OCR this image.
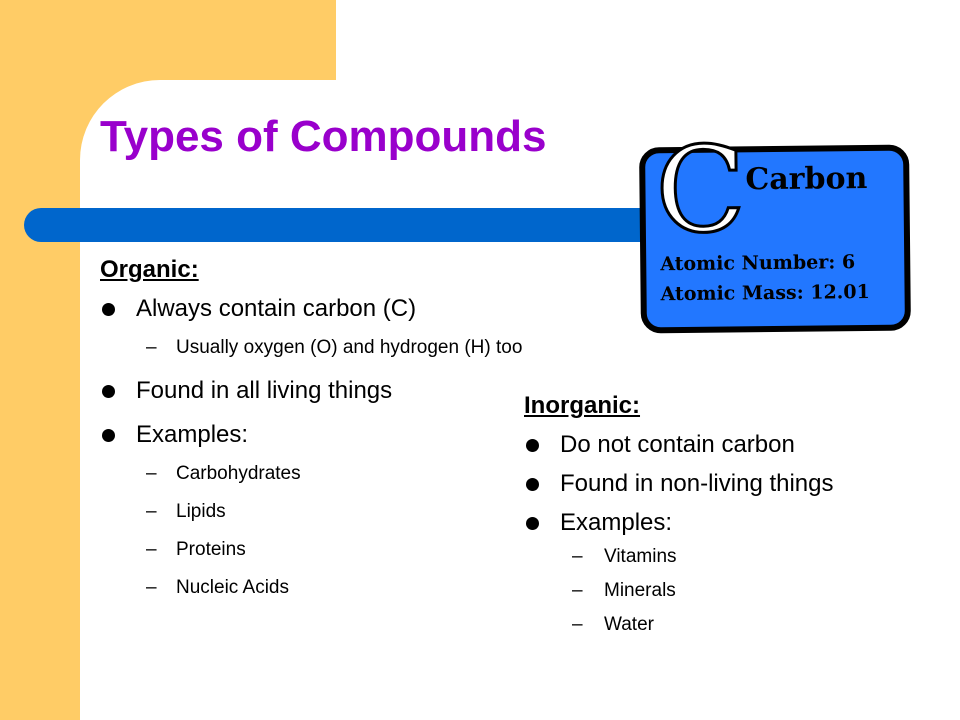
Types of Compounds

Organic:

Always contain carbon (C)
– Usually oxygen (O) and hydrogen (H) too
Found in all living things
Examples:
– Carbohydrates
– Lipids
– Proteins
– Nucleic Acids

Inorganic:

Do not contain carbon
Found in non-living things
Examples:
– Vitamins
– Minerals
– Water
C
Carbon
Atomic Number: 6
Atomic Mass: 12.01
